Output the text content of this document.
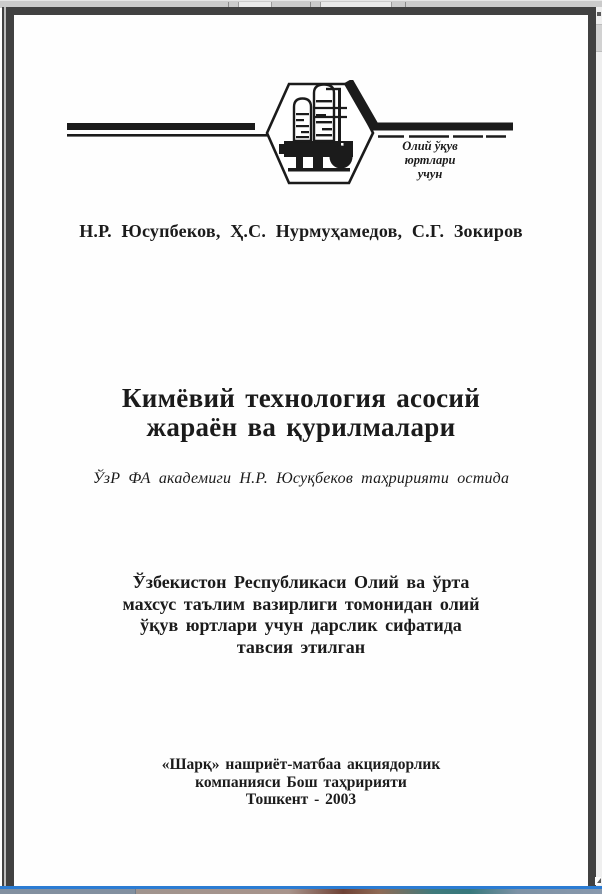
Олий ўқув
юртлари
учун
Н.Р. Юсупбеков, Ҳ.С. Нурмуҳамедов, С.Г. Зокиров
Кимёвий технология асосий
жараён ва қурилмалари
ЎзР ФА академиги Н.Р. Юсуқбеков таҳририяти остида
Ўзбекистон Республикаси Олий ва ўрта
махсус таълим вазирлиги томонидан олий
ўқув юртлари учун дарслик сифатида
тавсия этилган
«Шарқ» нашриёт-матбаа акциядорлик
компанияси Бош таҳририяти
Тошкент - 2003
